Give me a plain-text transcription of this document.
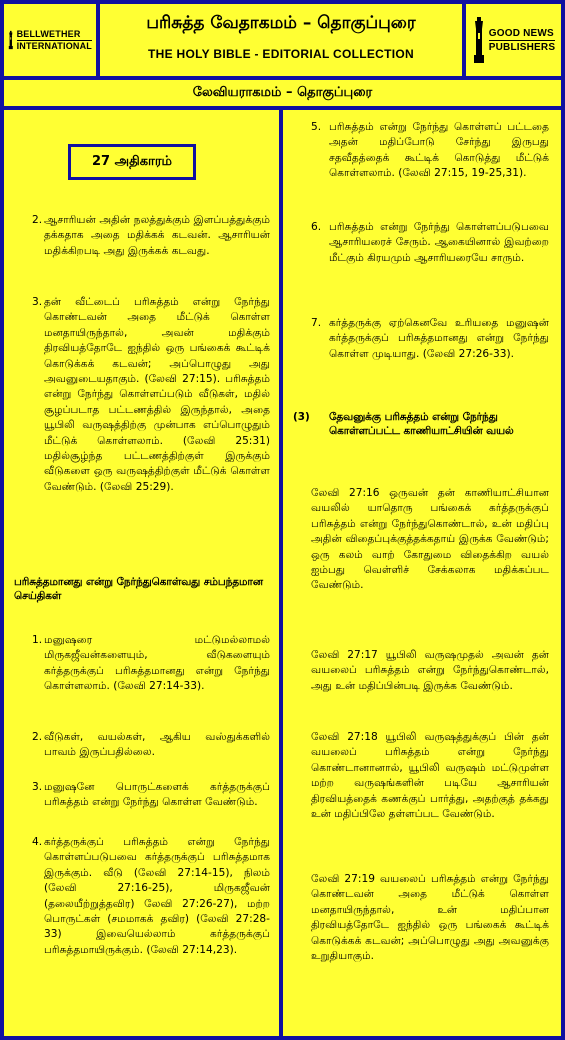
BELLWETHER
INTERNATIONAL
பரிசுத்த வேதாகமம் – தொகுப்புரை
THE HOLY BIBLE - EDITORIAL COLLECTION
GOOD NEWS
PUBLISHERS
லேவியராகமம் – தொகுப்புரை
27 அதிகாரம்
2. ஆசாரியன் அதின் நலத்துக்கும் இளப்பத்துக்கும் தக்கதாக அதை மதிக்கக் கடவன். ஆசாரியன் மதிக்கிறபடி அது இருக்கக் கடவது.
3. தன் வீட்டைப் பரிசுத்தம் என்று நேர்ந்து கொண்டவன் அதை மீட்டுக் கொள்ள மனதாயிருந்தால், அவன் மதிக்கும் திரவியத்தோடே ஐந்தில் ஒரு பங்கைக் கூட்டிக் கொடுக்கக் கடவன்; அப்பொழுது அது அவனுடையதாகும். (லேவி 27:15). பரிசுத்தம் என்று நேர்ந்து கொள்ளப்படும் வீடுகள், மதில் சூழப்படாத பட்டணத்தில் இருந்தால், அதை யூபிலி வருஷத்திற்கு முன்பாக எப்பொழுதும் மீட்டுக் கொள்ளலாம். (லேவி 25:31) மதில்சூழ்ந்த பட்டணத்திற்குள் இருக்கும் வீடுகளை ஒரு வருஷத்திற்குள் மீட்டுக் கொள்ள வேண்டும். (லேவி 25:29).
பரிசுத்தமானது என்று நேர்ந்துகொள்வது சம்பந்தமான செய்திகள்
1. மனுஷரை மட்டுமல்லாமல் மிருகஜீவன்களையும், வீடுகளையும் கர்த்தருக்குப் பரிசுத்தமானது என்று நேர்ந்து கொள்ளலாம். (லேவி 27:14-33).
2. வீடுகள், வயல்கள், ஆகிய வஸ்துக்களில் பாவம் இருப்பதில்லை.
3. மனுஷனே பொருட்களைக் கர்த்தருக்குப் பரிசுத்தம் என்று நேர்ந்து கொள்ள வேண்டும்.
4. கர்த்தருக்குப் பரிசுத்தம் என்று நேர்ந்து கொள்ளப்படுபவை கர்த்தருக்குப் பரிசுத்தமாக இருக்கும். வீடு (லேவி 27:14-15), நிலம் (லேவி 27:16-25), மிருகஜீவன் (தலையீற்றுத்தவிர) லேவி 27:26-27), மற்ற பொருட்கள் (சமமாகக் தவிர) (லேவி 27:28-33) இவையெல்லாம் கர்த்தருக்குப் பரிசுத்தமாயிருக்கும். (லேவி 27:14,23).
5. பரிசுத்தம் என்று நேர்ந்து கொள்ளப் பட்டதை அதன் மதிப்போடு சேர்ந்து இருபது சதவீதத்தைக் கூட்டிக் கொடுத்து மீட்டுக் கொள்ளலாம். (லேவி 27:15, 19-25,31).
6. பரிசுத்தம் என்று நேர்ந்து கொள்ளப்படுபவை ஆசாரியரைச் சேரும். ஆகையினால் இவற்றை மீட்கும் கிரயமும் ஆசாரியரையே சாரும்.
7. கர்த்தருக்கு ஏற்கெனவே உரியதை மனுஷன் கர்த்தருக்குப் பரிசுத்தமானது என்று நேர்ந்து கொள்ள முடியாது. (லேவி 27:26-33).
(3) தேவனுக்கு பரிசுத்தம் என்று நேர்ந்து கொள்ளப்பட்ட காணியாட்சியின் வயல்
லேவி 27:16 ஒருவன் தன் காணியாட்சியான வயலில் யாதொரு பங்கைக் கர்த்தருக்குப் பரிசுத்தம் என்று நேர்ந்துகொண்டால், உன் மதிப்பு அதின் விதைப்புக்குத்தக்கதாய் இருக்க வேண்டும்; ஒரு கலம் வாற் கோதுமை விதைக்கிற வயல் ஐம்பது வெள்ளிச் சேக்கலாக மதிக்கப்பட வேண்டும்.
லேவி 27:17 யூபிலி வருஷமுதல் அவன் தன் வயலைப் பரிசுத்தம் என்று நேர்ந்துகொண்டால், அது உன் மதிப்பின்படி இருக்க வேண்டும்.
லேவி 27:18 யூபிலி வருஷத்துக்குப் பின் தன் வயலைப் பரிசுத்தம் என்று நேர்ந்து கொண்டானானால், யூபிலி வருஷம் மட்டுமுள்ள மற்ற வருஷங்களின் படியே ஆசாரியன் திரவியத்தைக் கணக்குப் பார்த்து, அதற்குத் தக்கது உன் மதிப்பிலே தள்ளப்பட வேண்டும்.
லேவி 27:19 வயலைப் பரிசுத்தம் என்று நேர்ந்து கொண்டவன் அதை மீட்டுக் கொள்ள மனதாயிருந்தால், உன் மதிப்பான திரவியத்தோடே ஐந்தில் ஒரு பங்கைக் கூட்டிக் கொடுக்கக் கடவன்; அப்பொழுது அது அவனுக்கு உறுதியாகும்.
